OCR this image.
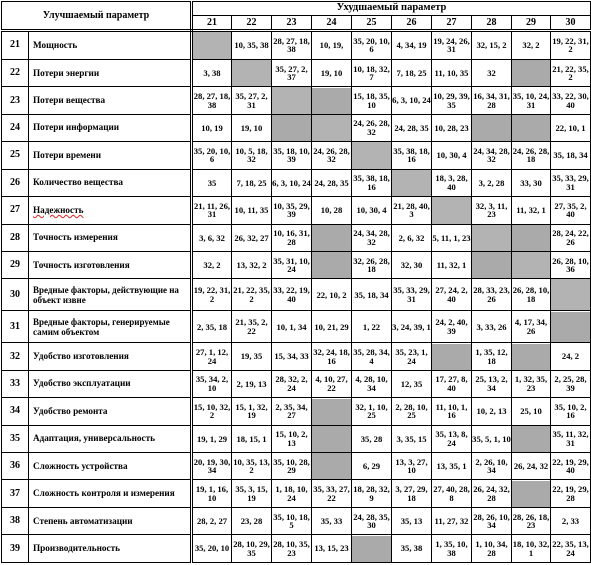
Улучшаемый параметр		Ухудшаемый параметр									
		21	22	23	24	25	26	27	28	29	30
21	Мощность		10, 35, 38	28, 27, 18, 38	10, 19,	35, 20, 10, 6	4, 34, 19	19, 24, 26, 31	32, 15, 2	32, 2	19, 22, 31, 2
22	Потери энергии	3, 38		35, 27, 2, 37	19, 10	10, 18, 32, 7	7, 18, 25	11, 10, 35	32		21, 22, 35, 2
23	Потери вещества	28, 27, 18, 38	35, 27, 2, 31			15, 18, 35, 10	6, 3, 10, 24	10, 29, 39, 35	16, 34, 31, 28	35, 10, 24, 31	33, 22, 30, 40
24	Потери информации	10, 19	19, 10			24, 26, 28, 32	24, 28, 35	10, 28, 23			22, 10, 1
25	Потери времени	35, 20, 10, 6	10, 5, 18, 32	35, 18, 10, 39	24, 26, 28, 32		35, 38, 18, 16	10, 30, 4	24, 34, 28, 32	24, 26, 28, 18	35, 18, 34
26	Количество вещества	35	7, 18, 25	6, 3, 10, 24	24, 28, 35	35, 38, 18, 16		18, 3, 28, 40	3, 2, 28	33, 30	35, 33, 29, 31
27	Надежность	21, 11, 26, 31	10, 11, 35	10, 35, 29, 39	10, 28	10, 30, 4	21, 28, 40, 3		32, 3, 11, 23	11, 32, 1	27, 35, 2, 40
28	Точность измерения	3, 6, 32	26, 32, 27	10, 16, 31, 28		24, 34, 28, 32	2, 6, 32	5, 11, 1, 23			28, 24, 22, 26
29	Точность изготовления	32, 2	13, 32, 2	35, 31, 10, 24		32, 26, 28, 18	32, 30	11, 32, 1			26, 28, 10, 36
30	Вредные факторы, действующие на объект извне	19, 22, 31, 2	21, 22, 35, 2	33, 22, 19, 40	22, 10, 2	35, 18, 34	35, 33, 29, 31	27, 24, 2, 40	28, 33, 23, 26	26, 28, 10, 18	
31	Вредные факторы, генерируемые самим объектом	2, 35, 18	21, 35, 2, 22	10, 1, 34	10, 21, 29	1, 22	3, 24, 39, 1	24, 2, 40, 39	3, 33, 26	4, 17, 34, 26	
32	Удобство изготовления	27, 1, 12, 24	19, 35	15, 34, 33	32, 24, 18, 16	35, 28, 34, 4	35, 23, 1, 24		1, 35, 12, 18		24, 2
33	Удобство эксплуатации	35, 34, 2, 10	2, 19, 13	28, 32, 2, 24	4, 10, 27, 22	4, 28, 10, 34	12, 35	17, 27, 8, 40	25, 13, 2, 34	1, 32, 35, 23	2, 25, 28, 39
34	Удобство ремонта	15, 10, 32, 2	15, 1, 32, 19	2, 35, 34, 27		32, 1, 10, 25	2, 28, 10, 25	11, 10, 1, 16	10, 2, 13	25, 10	35, 10, 2, 16
35	Адаптация, универсальность	19, 1, 29	18, 15, 1	15, 10, 2, 13		35, 28	3, 35, 15	35, 13, 8, 24	35, 5, 1, 10		35, 11, 32, 31
36	Сложность устройства	20, 19, 30, 34	10, 35, 13, 2	35, 10, 28, 29		6, 29	13, 3, 27, 10	13, 35, 1	2, 26, 10, 34	26, 24, 32	22, 19, 29, 40
37	Сложность контроля и измерения	19, 1, 16, 10	35, 3, 15, 19	1, 18, 10, 24	35, 33, 27, 22	18, 28, 32, 9	3, 27, 29, 18	27, 40, 28, 8	26, 24, 32, 28		22, 19, 29, 28
38	Степень автоматизации	28, 2, 27	23, 28	35, 10, 18, 5	35, 33	24, 28, 35, 30	35, 13	11, 27, 32	28, 26, 10, 34	28, 26, 18, 23	2, 33
39	Производительность	35, 20, 10	28, 10, 29, 35	28, 10, 35, 23	13, 15, 23		35, 38	1, 35, 10, 38	1, 10, 34, 28	18, 10, 32, 1	22, 35, 13, 24
